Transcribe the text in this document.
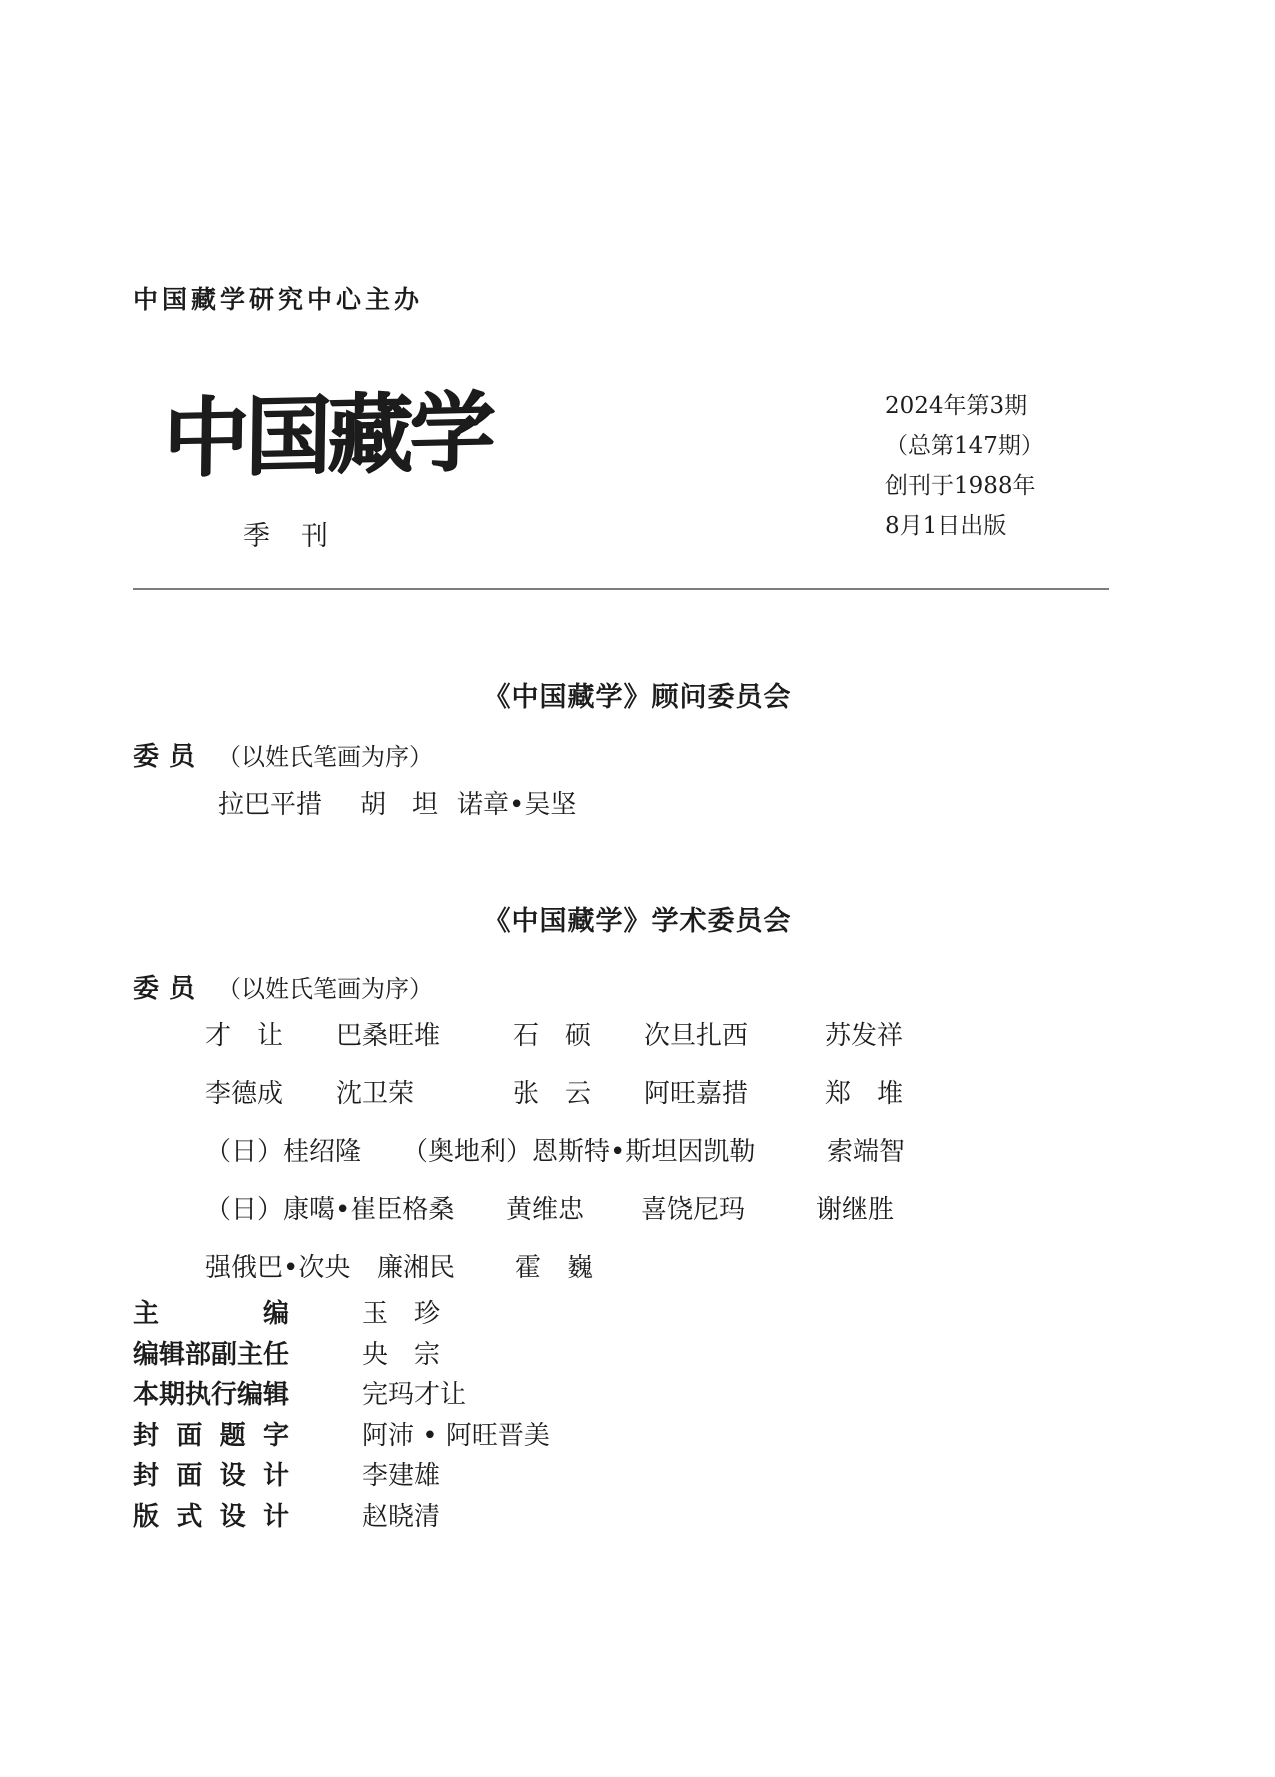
中国藏学研究中心主办
中国藏学
季　刊
2024年第3期
（总第147期）
创刊于1988年
8月1日出版
《中国藏学》顾问委员会
委员 （以姓氏笔画为序）
拉巴平措	胡　坦 诺章•吴坚
《中国藏学》学术委员会
委员 （以姓氏笔画为序）
才　让	巴桑旺堆	石　硕	次旦扎西	苏发祥
李德成	沈卫荣	张　云	阿旺嘉措	郑　堆
（日）桂绍隆	（奥地利）恩斯特•斯坦因凯勒	索端智
（日）康噶•崔臣格桑	黄维忠	喜饶尼玛	谢继胜
强俄巴•次央	廉湘民	霍　巍
主编	玉　珍
编辑部副主任	央　宗
本期执行编辑	完玛才让
封面题字	阿沛 • 阿旺晋美
封面设计	李建雄
版式设计	赵晓清
